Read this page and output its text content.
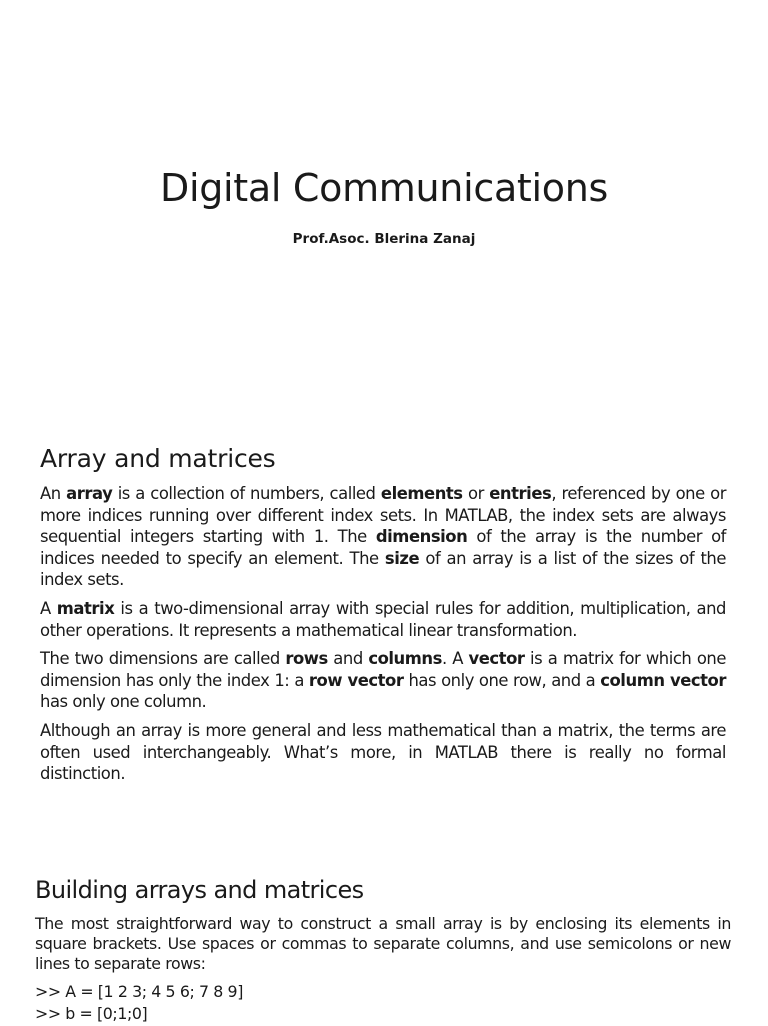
Digital Communications
Prof.Asoc. Blerina Zanaj
Array and matrices

An array is a collection of numbers, called elements or entries, referenced by one or more indices running over different index sets. In MATLAB, the index sets are always sequential integers starting with 1. The dimension of the array is the number of indices needed to specify an element. The size of an array is a list of the sizes of the index sets.

A matrix is a two-dimensional array with special rules for addition, multiplication, and other operations. It represents a mathematical linear transformation.

The two dimensions are called rows and columns. A vector is a matrix for which one dimension has only the index 1: a row vector has only one row, and a column vector has only one column.

Although an array is more general and less mathematical than a matrix, the terms are often used interchangeably. What’s more, in MATLAB there is really no formal distinction.

Building arrays and matrices

The most straightforward way to construct a small array is by enclosing its elements in square brackets. Use spaces or commas to separate columns, and use semicolons or new lines to separate rows:

>> A = [1 2 3; 4 5 6; 7 8 9]

>> b = [0;1;0]
